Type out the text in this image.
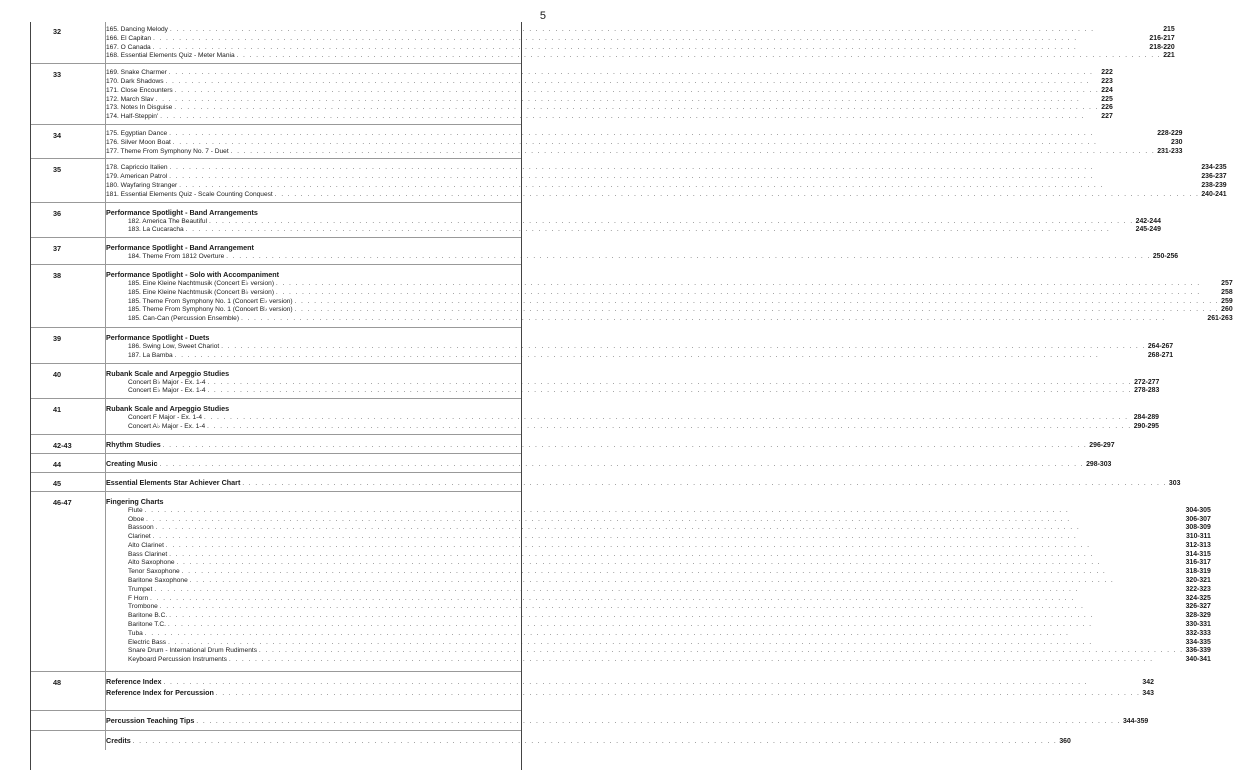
5
32	165. Dancing Melody . . .	215
166. El Capitan . . .	216-217
167. O Canada . . .	218-220
168. Essential Elements Quiz - Meter Mania . . .	221
33	169. Snake Charmer . . .	222
170. Dark Shadows . . .	223
171. Close Encounters . . .	224
172. March Slav . . .	225
173. Notes In Disguise . . .	226
174. Half-Steppin' . . .	227
34	175. Egyptian Dance . . .	228-229
176. Silver Moon Boat . . .	230
177. Theme From Symphony No. 7 - Duet . . .	231-233
35	178. Capriccio Italien . . .	234-235
179. American Patrol . . .	236-237
180. Wayfaring Stranger . . .	238-239
181. Essential Elements Quiz - Scale Counting Conquest . . .	240-241
36	Performance Spotlight - Band Arrangements
182. America The Beautiful . . .	242-244
183. La Cucaracha . . .	245-249
37	Performance Spotlight - Band Arrangement
184. Theme From 1812 Overture . . .	250-256
38	Performance Spotlight - Solo with Accompaniment
185. Eine Kleine Nachtmusik (Concert E♭ version) . . .	257
185. Eine Kleine Nachtmusik (Concert B♭ version) . . .	258
185. Theme From Symphony No. 1 (Concert E♭ version) . . .	259
185. Theme From Symphony No. 1 (Concert B♭ version) . . .	260
185. Can-Can (Percussion Ensemble) . . .	261-263
39	Performance Spotlight - Duets
186. Swing Low, Sweet Chariot . . .	264-267
187. La Bamba . . .	268-271
40	Rubank Scale and Arpeggio Studies
Concert B♭ Major - Ex. 1-4 . . .	272-277
Concert E♭ Major - Ex. 1-4 . . .	278-283
41	Rubank Scale and Arpeggio Studies
Concert F Major - Ex. 1-4 . . .	284-289
Concert A♭ Major - Ex. 1-4 . . .	290-295
42-43	Rhythm Studies . . .	296-297
44	Creating Music . . .	298-303
45	Essential Elements Star Achiever Chart . . .	303
46-47	Fingering Charts
Flute . . .	304-305
Oboe . . .	306-307
Bassoon . . .	308-309
Clarinet . . .	310-311
Alto Clarinet . . .	312-313
Bass Clarinet . . .	314-315
Alto Saxophone . . .	316-317
Tenor Saxophone . . .	318-319
Baritone Saxophone . . .	320-321
Trumpet . . .	322-323
F Horn . . .	324-325
Trombone . . .	326-327
Baritone B.C. . . .	328-329
Baritone T.C. . . .	330-331
Tuba . . .	332-333
Electric Bass . . .	334-335
Snare Drum - International Drum Rudiments . . .	336-339
Keyboard Percussion Instruments . . .	340-341
48	Reference Index . . .	342
Reference Index for Percussion . . .	343
Percussion Teaching Tips . . .	344-359
Credits . . .	360
